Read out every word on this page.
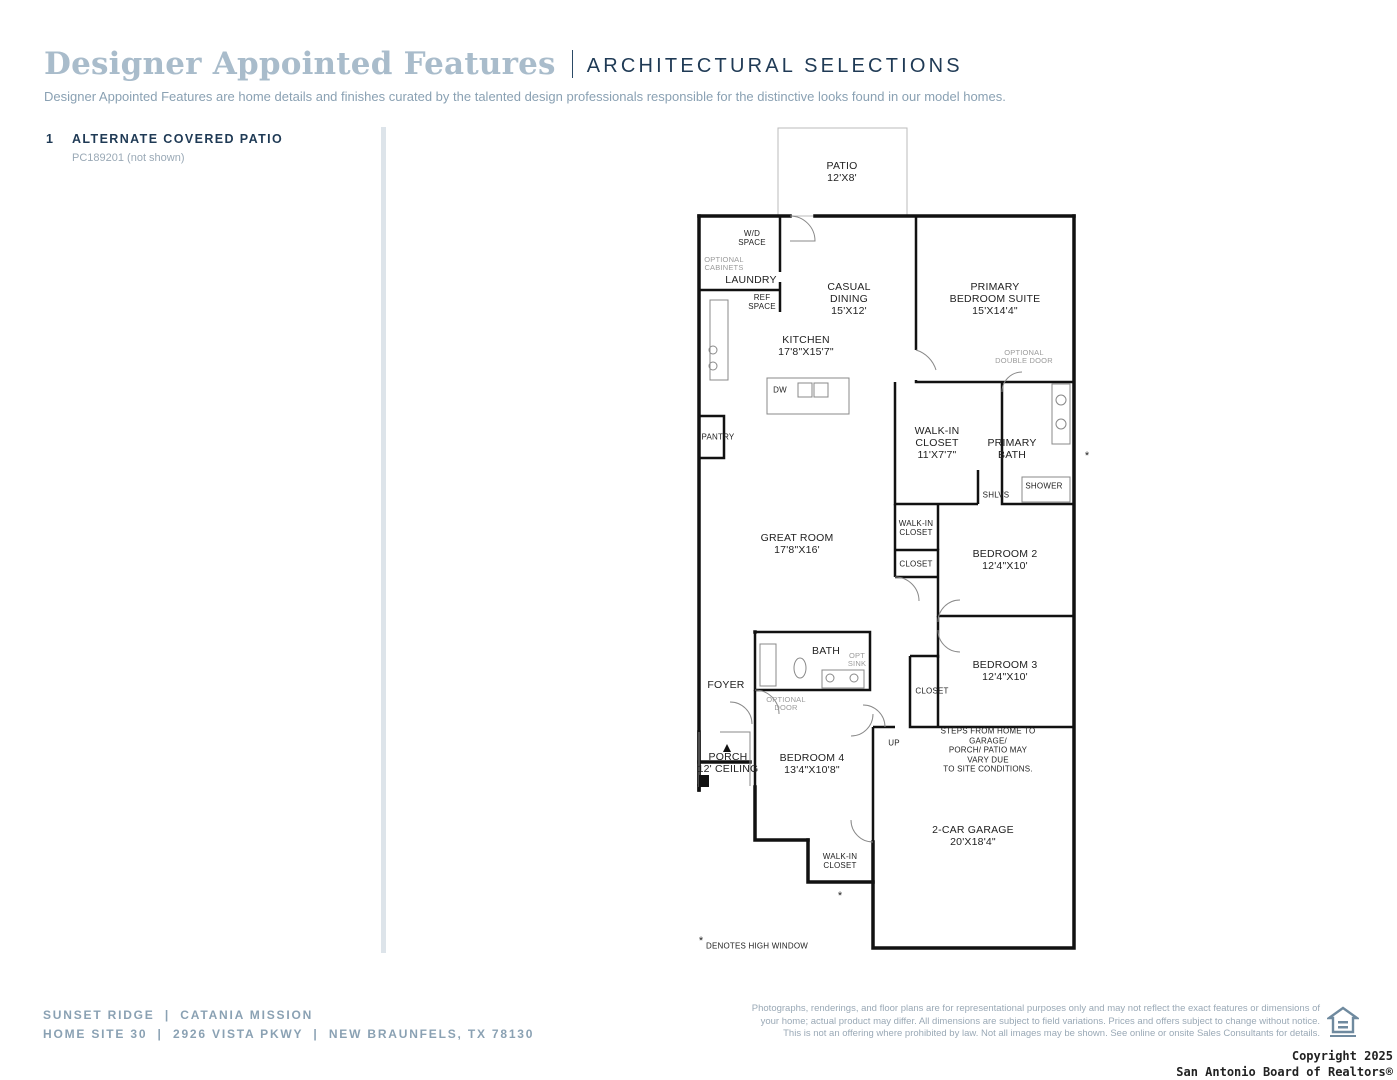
Designer Appointed Features ARCHITECTURAL SELECTIONS
Designer Appointed Features are home details and finishes curated by the talented design professionals responsible for the distinctive looks found in our model homes.
1	ALTERNATE COVERED PATIO
PC189201 (not shown)
PATIO
12'X8'
W/D
SPACE
OPTIONAL
CABINETS
LAUNDRY
REF
SPACE
CASUAL
DINING
15'X12'
PRIMARY
BEDROOM SUITE
15'X14'4"
KITCHEN
17'8"X15'7"	OPTIONAL
DOUBLE DOOR
DW
PANTRY	WALK-IN
CLOSET
11'X7'7"
PRIMARY
BATH
SHLVS
SHOWER
*
WALK-IN
CLOSET
GREAT ROOM
17'8"X16'	BEDROOM 2
12'4"X10'
CLOSET
BATH OPT
SINK
FOYER
BEDROOM 3
12'4"X10'
CLOSET
OPTIONAL
DOOR
UP
STEPS FROM HOME TO GARAGE/
PORCH/ PATIO MAY VARY DUE
TO SITE CONDITIONS.
PORCH
12' CEILING
BEDROOM 4
13'4"X10'8"
2-CAR GARAGE
20'X18'4"
WALK-IN
CLOSET
*
* DENOTES HIGH WINDOW
SUNSET RIDGE  |  CATANIA MISSION
HOME SITE 30  |  2926 VISTA PKWY  |  NEW BRAUNFELS, TX 78130
Photographs, renderings, and floor plans are for representational purposes only and may not reflect the exact features or dimensions of
your home; actual product may differ. All dimensions are subject to field variations. Prices and offers subject to change without notice.
This is not an offering where prohibited by law. Not all images may be shown. See online or onsite Sales Consultants for details.
Copyright 2025
San Antonio Board of Realtors®
